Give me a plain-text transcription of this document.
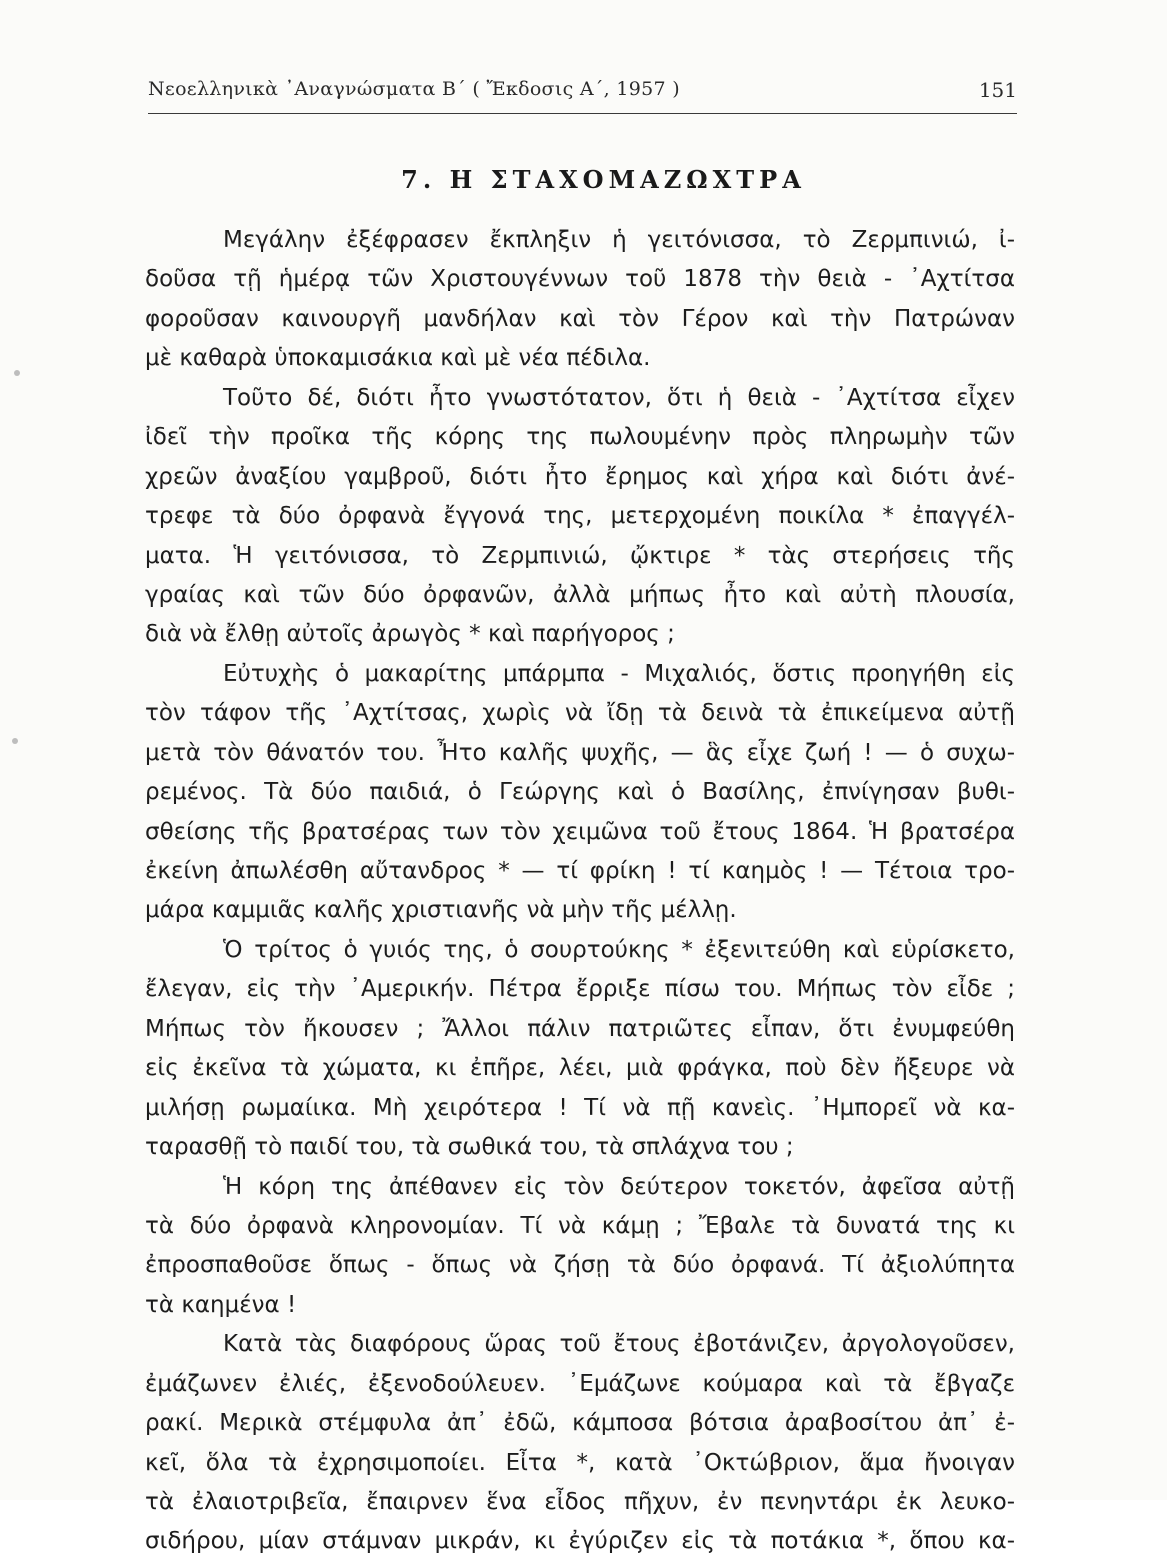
Νεοελληνικὰ ᾿Αναγνώσματα Β΄ ( Ἔκδοσις Α΄, 1957 )	151
7. Η ΣΤΑΧΟΜΑΖΩΧΤΡΑ
Μεγάλην ἐξέφρασεν ἔκπληξιν ἡ γειτόνισσα, τὸ Ζερμπινιώ, ἰ-
δοῦσα τῇ ἡμέρᾳ τῶν Χριστουγέννων τοῦ 1878 τὴν θειὰ - ᾿Αχτίτσα
φοροῦσαν καινουργῆ μανδήλαν καὶ τὸν Γέρον καὶ τὴν Πατρώναν
μὲ καθαρὰ ὑποκαμισάκια καὶ μὲ νέα πέδιλα.
Τοῦτο δέ, διότι ἦτο γνωστότατον, ὅτι ἡ θειὰ - ᾿Αχτίτσα εἶχεν
ἰδεῖ τὴν προῖκα τῆς κόρης της πωλουμένην πρὸς πληρωμὴν τῶν
χρεῶν ἀναξίου γαμβροῦ, διότι ἦτο ἔρημος καὶ χήρα καὶ διότι ἀνέ-
τρεφε τὰ δύο ὀρφανὰ ἔγγονά της, μετερχομένη ποικίλα * ἐπαγγέλ-
ματα. Ἡ γειτόνισσα, τὸ Ζερμπινιώ, ᾤκτιρε * τὰς στερήσεις τῆς
γραίας καὶ τῶν δύο ὀρφανῶν, ἀλλὰ μήπως ἦτο καὶ αὐτὴ πλουσία,
διὰ νὰ ἔλθῃ αὐτοῖς ἀρωγὸς * καὶ παρήγορος ;
Εὐτυχὴς ὁ μακαρίτης μπάρμπα - Μιχαλιός, ὅστις προηγήθη εἰς
τὸν τάφον τῆς ᾿Αχτίτσας, χωρὶς νὰ ἴδῃ τὰ δεινὰ τὰ ἐπικείμενα αὐτῇ
μετὰ τὸν θάνατόν του. Ἦτο καλῆς ψυχῆς, — ἃς εἶχε ζωή ! — ὁ συχω-
ρεμένος. Τὰ δύο παιδιά, ὁ Γεώργης καὶ ὁ Βασίλης, ἐπνίγησαν βυθι-
σθείσης τῆς βρατσέρας των τὸν χειμῶνα τοῦ ἔτους 1864. Ἡ βρατσέρα
ἐκείνη ἀπωλέσθη αὔτανδρος * — τί φρίκη ! τί καημὸς ! — Τέτοια τρο-
μάρα καμμιᾶς καλῆς χριστιανῆς νὰ μὴν τῆς μέλλῃ.
Ὁ τρίτος ὁ γυιός της, ὁ σουρτούκης * ἐξενιτεύθη καὶ εὑρίσκετο,
ἔλεγαν, εἰς τὴν ᾿Αμερικήν. Πέτρα ἔρριξε πίσω του. Μήπως τὸν εἶδε ;
Μήπως τὸν ἤκουσεν ; Ἄλλοι πάλιν πατριῶτες εἶπαν, ὅτι ἐνυμφεύθη
εἰς ἐκεῖνα τὰ χώματα, κι ἐπῆρε, λέει, μιὰ φράγκα, ποὺ δὲν ἤξευρε νὰ
μιλήσῃ ρωμαίικα. Μὴ χειρότερα ! Τί νὰ πῇ κανεὶς. ᾿Ημπορεῖ νὰ κα-
ταρασθῇ τὸ παιδί του, τὰ σωθικά του, τὰ σπλάχνα του ;
Ἡ κόρη της ἀπέθανεν εἰς τὸν δεύτερον τοκετόν, ἀφεῖσα αὐτῇ
τὰ δύο ὀρφανὰ κληρονομίαν. Τί νὰ κάμῃ ; Ἔβαλε τὰ δυνατά της κι
ἐπροσπαθοῦσε ὅπως - ὅπως νὰ ζήσῃ τὰ δύο ὀρφανά. Τί ἀξιολύπητα
τὰ καημένα !
Κατὰ τὰς διαφόρους ὥρας τοῦ ἔτους ἐβοτάνιζεν, ἀργολογοῦσεν,
ἐμάζωνεν ἐλιές, ἐξενοδούλευεν. ᾿Εμάζωνε κούμαρα καὶ τὰ ἔβγαζε
ρακί. Μερικὰ στέμφυλα ἀπ᾿ ἐδῶ, κάμποσα βότσια ἀραβοσίτου ἀπ᾿ ἐ-
κεῖ, ὅλα τὰ ἐχρησιμοποίει. Εἶτα *, κατὰ ᾿Οκτώβριον, ἅμα ἤνοιγαν
τὰ ἐλαιοτριβεῖα, ἔπαιρνεν ἕνα εἶδος πῆχυν, ἐν πενηντάρι ἐκ λευκο-
σιδήρου, μίαν στάμναν μικράν, κι ἐγύριζεν εἰς τὰ ποτάκια *, ὅπου κα-
